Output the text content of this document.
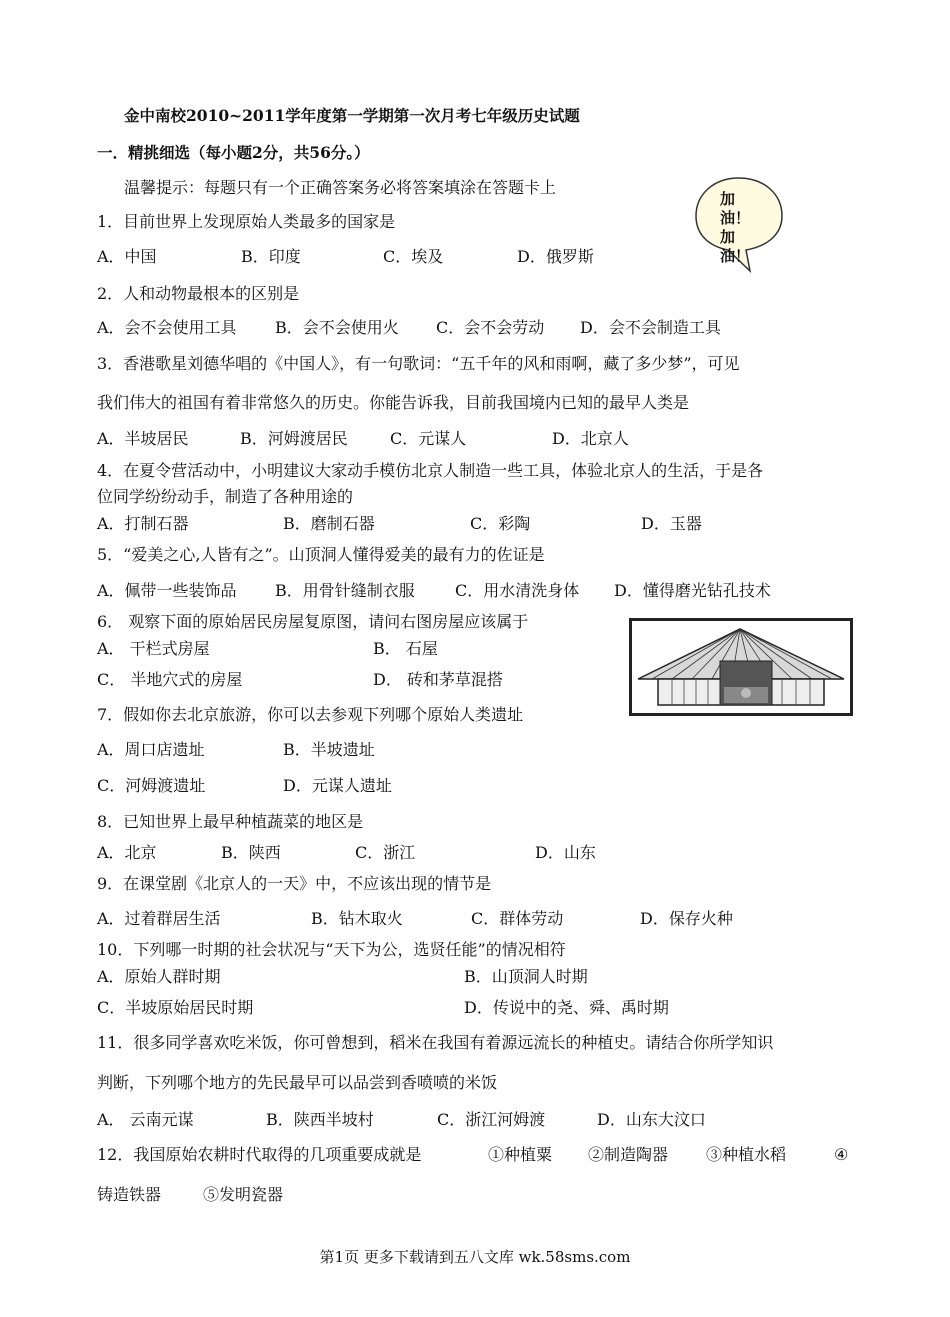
金中南校2010~2011学年度第一学期第一次月考七年级历史试题
一．精挑细选（每小题2分，共56分。）
温馨提示：每题只有一个正确答案务必将答案填涂在答题卡上
加油！
加油！
1．目前世界上发现原始人类最多的国家是
A．中国	B．印度	C．埃及	D．俄罗斯
2．人和动物最根本的区别是
A．会不会使用工具 B．会不会使用火 C．会不会劳动 D．会不会制造工具
3．香港歌星刘德华唱的《中国人》，有一句歌词：“五千年的风和雨啊，藏了多少梦”，可见
我们伟大的祖国有着非常悠久的历史。你能告诉我，目前我国境内已知的最早人类是
A．半坡居民	B．河姆渡居民	C．元谋人	D．北京人
4．在夏令营活动中，小明建议大家动手模仿北京人制造一些工具，体验北京人的生活，于是各
位同学纷纷动手，制造了各种用途的
A．打制石器	B．磨制石器	C．彩陶	D．玉器
5．“爱美之心,人皆有之”。山顶洞人懂得爱美的最有力的佐证是
A．佩带一些装饰品 B．用骨针缝制衣服	C．用水清洗身体 D．懂得磨光钻孔技术
6． 观察下面的原始居民房屋复原图，请问右图房屋应该属于
A． 干栏式房屋	B． 石屋
C． 半地穴式的房屋	D． 砖和茅草混搭
7．假如你去北京旅游，你可以去参观下列哪个原始人类遗址
A．周口店遗址	B．半坡遗址
C．河姆渡遗址	D．元谋人遗址
8．已知世界上最早种植蔬菜的地区是
A．北京	B．陕西	C．浙江	D．山东
9．在课堂剧《北京人的一天》中，不应该出现的情节是
A．过着群居生活	B．钻木取火	C．群体劳动	D．保存火种
10．下列哪一时期的社会状况与“天下为公，选贤任能”的情况相符
A．原始人群时期	B．山顶洞人时期
C．半坡原始居民时期	D．传说中的尧、舜、禹时期
11．很多同学喜欢吃米饭，你可曾想到，稻米在我国有着源远流长的种植史。请结合你所学知识
判断，下列哪个地方的先民最早可以品尝到香喷喷的米饭
A． 云南元谋	B．陕西半坡村	C．浙江河姆渡	D．山东大汶口
12．我国原始农耕时代取得的几项重要成就是	①种植粟 ②制造陶器 ③种植水稻	④
铸造铁器	⑤发明瓷器
第1页 更多下载请到五八文库 wk.58sms.com
